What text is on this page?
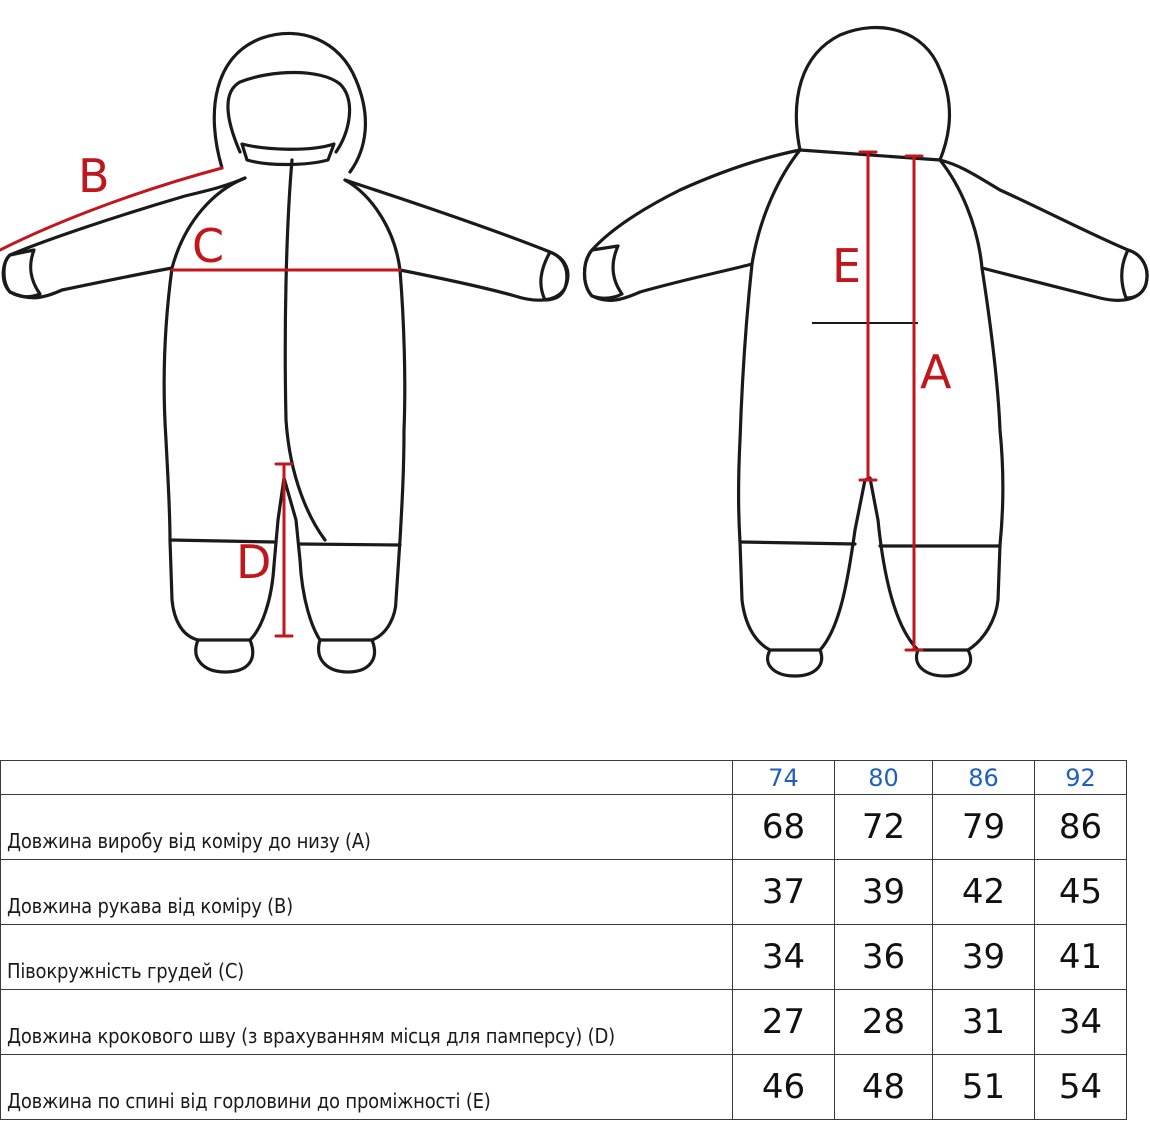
B
C
D
E
A
	74	80	86	92
Довжина виробу від коміру до низу (A)	68	72	79	86
Довжина рукава від коміру (B)	37	39	42	45
Півокружність грудей (C)	34	36	39	41
Довжина крокового шву (з врахуванням місця для памперсу) (D)	27	28	31	34
Довжина по спині від горловини до проміжності (E)	46	48	51	54
